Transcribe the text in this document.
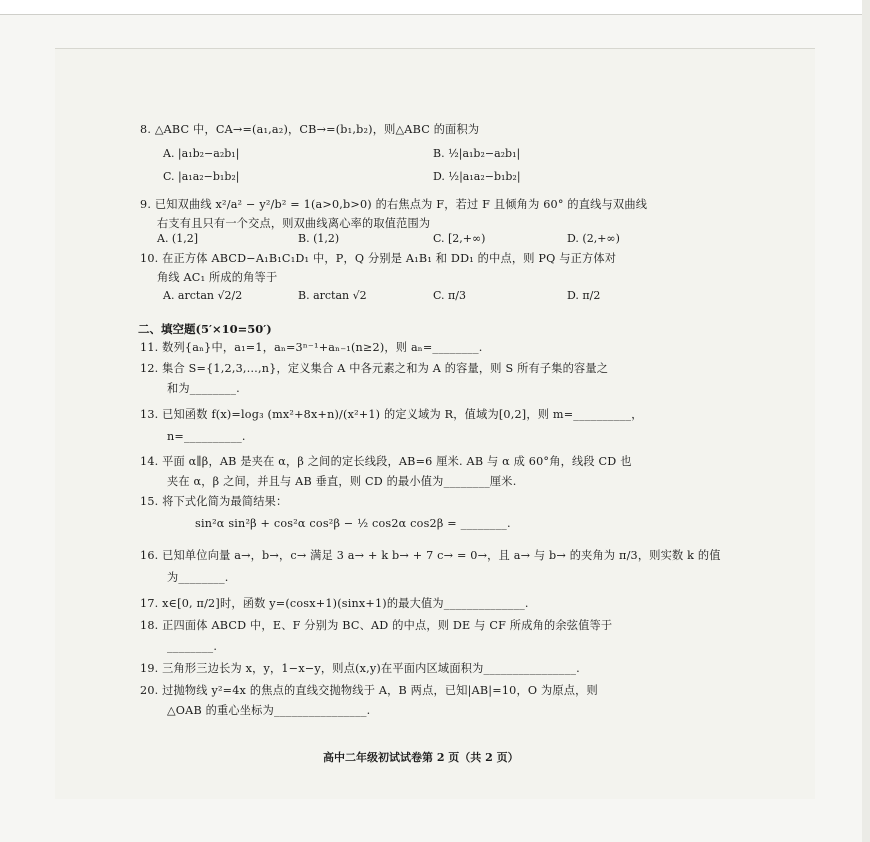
8. △ABC 中，CA→=(a₁,a₂)，CB→=(b₁,b₂)，则△ABC 的面积为
A. |a₁b₂−a₂b₁|	B. ½|a₁b₂−a₂b₁|
C. |a₁a₂−b₁b₂|	D. ½|a₁a₂−b₁b₂|
9. 已知双曲线 x²/a² − y²/b² = 1(a>0,b>0) 的右焦点为 F，若过 F 且倾角为 60° 的直线与双曲线
右支有且只有一个交点，则双曲线离心率的取值范围为
A. (1,2]	B. (1,2)	C. [2,+∞)	D. (2,+∞)
10. 在正方体 ABCD−A₁B₁C₁D₁ 中，P，Q 分别是 A₁B₁ 和 DD₁ 的中点，则 PQ 与正方体对
角线 AC₁ 所成的角等于
A. arctan √2/2	B. arctan √2	C. π/3	D. π/2
二、填空题(5′×10=50′)
11. 数列{aₙ}中，a₁=1，aₙ=3ⁿ⁻¹+aₙ₋₁(n≥2)，则 aₙ=________.
12. 集合 S={1,2,3,…,n}，定义集合 A 中各元素之和为 A 的容量，则 S 所有子集的容量之
和为________.
13. 已知函数 f(x)=log₃ (mx²+8x+n)/(x²+1) 的定义域为 R，值域为[0,2]，则 m=__________，
n=__________.
14. 平面 α∥β，AB 是夹在 α，β 之间的定长线段，AB=6 厘米. AB 与 α 成 60°角，线段 CD 也
夹在 α，β 之间，并且与 AB 垂直，则 CD 的最小值为________厘米.
15. 将下式化简为最简结果：
sin²α sin²β + cos²α cos²β − ½ cos2α cos2β = ________.
16. 已知单位向量 a→，b→，c→ 满足 3 a→ + k b→ + 7 c→ = 0→，且 a→ 与 b→ 的夹角为 π/3，则实数 k 的值
为________.
17. x∈[0, π/2]时，函数 y=(cosx+1)(sinx+1)的最大值为______________.
18. 正四面体 ABCD 中，E、F 分别为 BC、AD 的中点，则 DE 与 CF 所成角的余弦值等于
________.
19. 三角形三边长为 x，y，1−x−y，则点(x,y)在平面内区域面积为________________.
20. 过抛物线 y²=4x 的焦点的直线交抛物线于 A，B 两点，已知|AB|=10，O 为原点，则
△OAB 的重心坐标为________________.
高中二年级初试试卷第 2 页（共 2 页）
